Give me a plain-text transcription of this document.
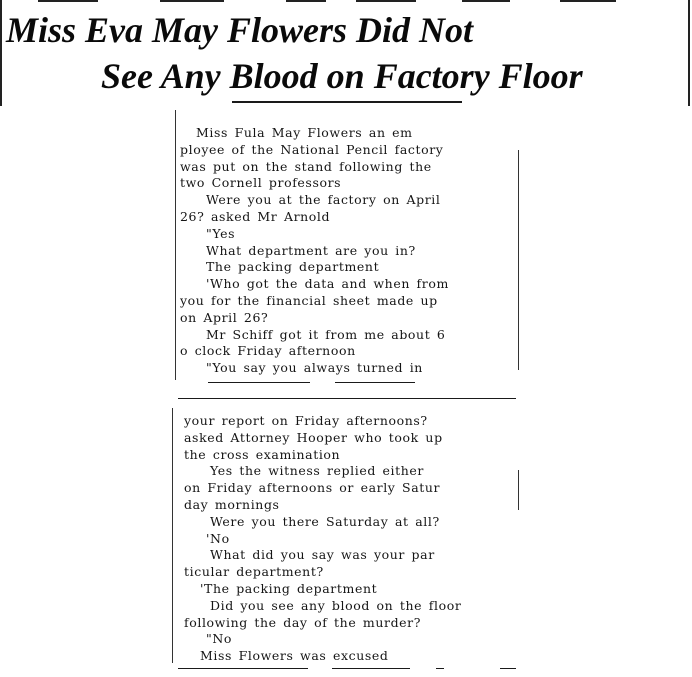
Miss Eva May Flowers Did Not
See Any Blood on Factory Floor
Miss Fula May Flowers an em
ployee of the National Pencil factory
was put on the stand following the
two Cornell professors
Were you at the factory on April
26? asked Mr Arnold
"Yes
What department are you in?
The packing department
'Who got the data and when from
you for the financial sheet made up
on April 26?
Mr Schiff got it from me about 6
o clock Friday afternoon
"You say you always turned in
your report on Friday afternoons?
asked Attorney Hooper who took up
the cross examination
Yes the witness replied either
on Friday afternoons or early Satur
day mornings
Were you there Saturday at all?
'No
What did you say was your par
ticular department?
'The packing department
Did you see any blood on the floor
following the day of the murder?
"No
Miss Flowers was excused
